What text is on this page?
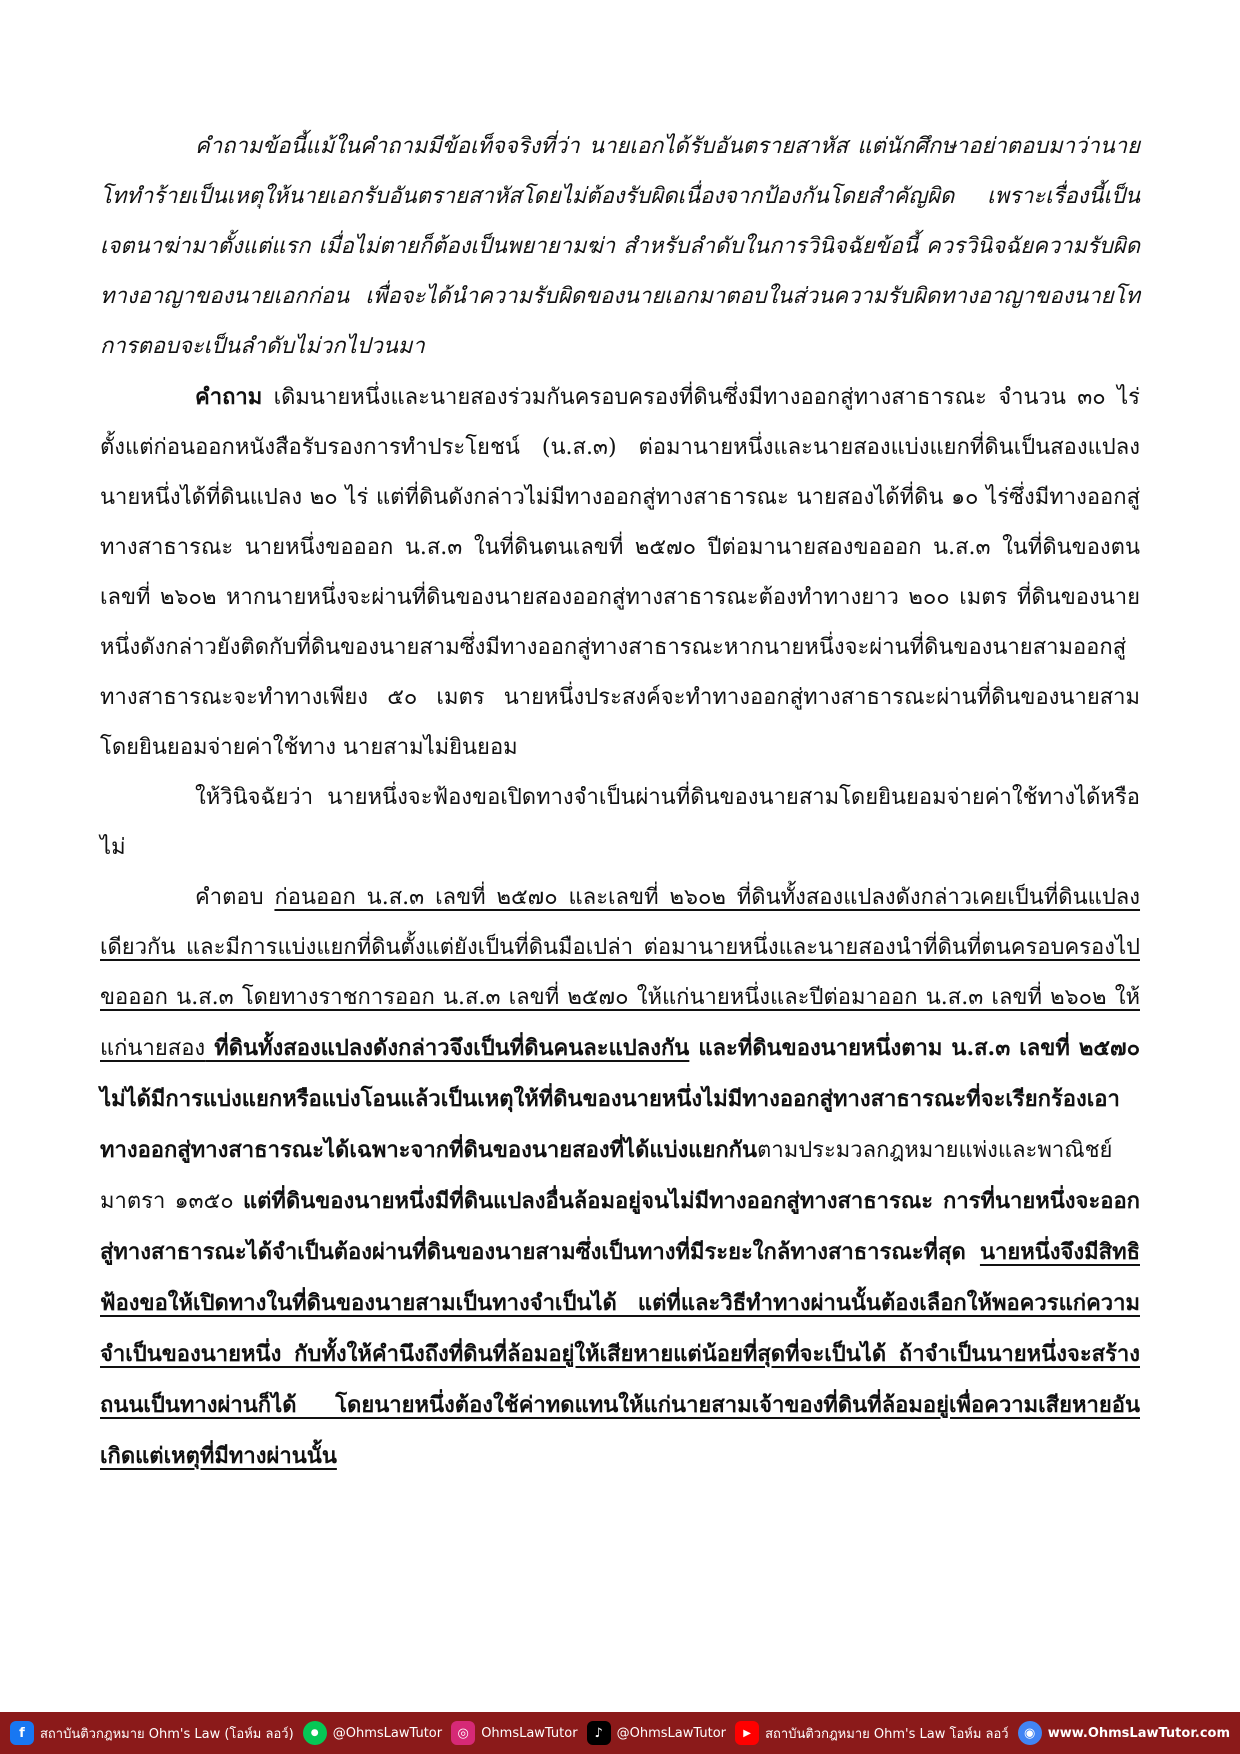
คำถามข้อนี้แม้ในคำถามมีข้อเท็จจริงที่ว่า นายเอกได้รับอันตรายสาหัส แต่นักศึกษาอย่าตอบมาว่านายโททำร้ายเป็นเหตุให้นายเอกรับอันตรายสาหัสโดยไม่ต้องรับผิดเนื่องจากป้องกันโดยสำคัญผิด เพราะเรื่องนี้เป็นเจตนาฆ่ามาตั้งแต่แรก เมื่อไม่ตายก็ต้องเป็นพยายามฆ่า สำหรับลำดับในการวินิจฉัยข้อนี้ ควรวินิจฉัยความรับผิดทางอาญาของนายเอกก่อน เพื่อจะได้นำความรับผิดของนายเอกมาตอบในส่วนความรับผิดทางอาญาของนายโทการตอบจะเป็นลำดับไม่วกไปวนมา

คำถาม เดิมนายหนึ่งและนายสองร่วมกันครอบครองที่ดินซึ่งมีทางออกสู่ทางสาธารณะ จำนวน ๓๐ ไร่ ตั้งแต่ก่อนออกหนังสือรับรองการทำประโยชน์ (น.ส.๓) ต่อมานายหนึ่งและนายสองแบ่งแยกที่ดินเป็นสองแปลง นายหนึ่งได้ที่ดินแปลง ๒๐ ไร่ แต่ที่ดินดังกล่าวไม่มีทางออกสู่ทางสาธารณะ นายสองได้ที่ดิน ๑๐ ไร่ซึ่งมีทางออกสู่ทางสาธารณะ นายหนึ่งขอออก น.ส.๓ ในที่ดินตนเลขที่ ๒๕๗๐ ปีต่อมานายสองขอออก น.ส.๓ ในที่ดินของตนเลขที่ ๒๖๐๒ หากนายหนึ่งจะผ่านที่ดินของนายสองออกสู่ทางสาธารณะต้องทำทางยาว ๒๐๐ เมตร ที่ดินของนายหนึ่งดังกล่าวยังติดกับที่ดินของนายสามซึ่งมีทางออกสู่ทางสาธารณะหากนายหนึ่งจะผ่านที่ดินของนายสามออกสู่ทางสาธารณะจะทำทางเพียง ๕๐ เมตร นายหนึ่งประสงค์จะทำทางออกสู่ทางสาธารณะผ่านที่ดินของนายสามโดยยินยอมจ่ายค่าใช้ทาง นายสามไม่ยินยอม

ให้วินิจฉัยว่า นายหนึ่งจะฟ้องขอเปิดทางจำเป็นผ่านที่ดินของนายสามโดยยินยอมจ่ายค่าใช้ทางได้หรือไม่

คำตอบ ก่อนออก น.ส.๓ เลขที่ ๒๕๗๐ และเลขที่ ๒๖๐๒ ที่ดินทั้งสองแปลงดังกล่าวเคยเป็นที่ดินแปลงเดียวกัน และมีการแบ่งแยกที่ดินตั้งแต่ยังเป็นที่ดินมือเปล่า ต่อมานายหนึ่งและนายสองนำที่ดินที่ตนครอบครองไปขอออก น.ส.๓ โดยทางราชการออก น.ส.๓ เลขที่ ๒๕๗๐ ให้แก่นายหนึ่งและปีต่อมาออก น.ส.๓ เลขที่ ๒๖๐๒ ให้แก่นายสอง ที่ดินทั้งสองแปลงดังกล่าวจึงเป็นที่ดินคนละแปลงกัน และที่ดินของนายหนึ่งตาม น.ส.๓ เลขที่ ๒๕๗๐ ไม่ได้มีการแบ่งแยกหรือแบ่งโอนแล้วเป็นเหตุให้ที่ดินของนายหนึ่งไม่มีทางออกสู่ทางสาธารณะที่จะเรียกร้องเอาทางออกสู่ทางสาธารณะได้เฉพาะจากที่ดินของนายสองที่ได้แบ่งแยกกันตามประมวลกฎหมายแพ่งและพาณิชย์ มาตรา ๑๓๕๐ แต่ที่ดินของนายหนึ่งมีที่ดินแปลงอื่นล้อมอยู่จนไม่มีทางออกสู่ทางสาธารณะ การที่นายหนึ่งจะออกสู่ทางสาธารณะได้จำเป็นต้องผ่านที่ดินของนายสามซึ่งเป็นทางที่มีระยะใกล้ทางสาธารณะที่สุด นายหนึ่งจึงมีสิทธิฟ้องขอให้เปิดทางในที่ดินของนายสามเป็นทางจำเป็นได้ แต่ที่และวิธีทำทางผ่านนั้นต้องเลือกให้พอควรแก่ความจำเป็นของนายหนึ่ง กับทั้งให้คำนึงถึงที่ดินที่ล้อมอยู่ให้เสียหายแต่น้อยที่สุดที่จะเป็นได้ ถ้าจำเป็นนายหนึ่งจะสร้างถนนเป็นทางผ่านก็ได้ โดยนายหนึ่งต้องใช้ค่าทดแทนให้แก่นายสามเจ้าของที่ดินที่ล้อมอยู่เพื่อความเสียหายอันเกิดแต่เหตุที่มีทางผ่านนั้น

f	สถาบันติวกฎหมาย Ohm's Law (โอห์ม ลอว์)	●	@OhmsLawTutor	◎ OhmsLawTutor	♪	@OhmsLawTutor	▶	สถาบันติวกฎหมาย Ohm's Law โอห์ม ลอว์	◉ www.OhmsLawTutor.com
